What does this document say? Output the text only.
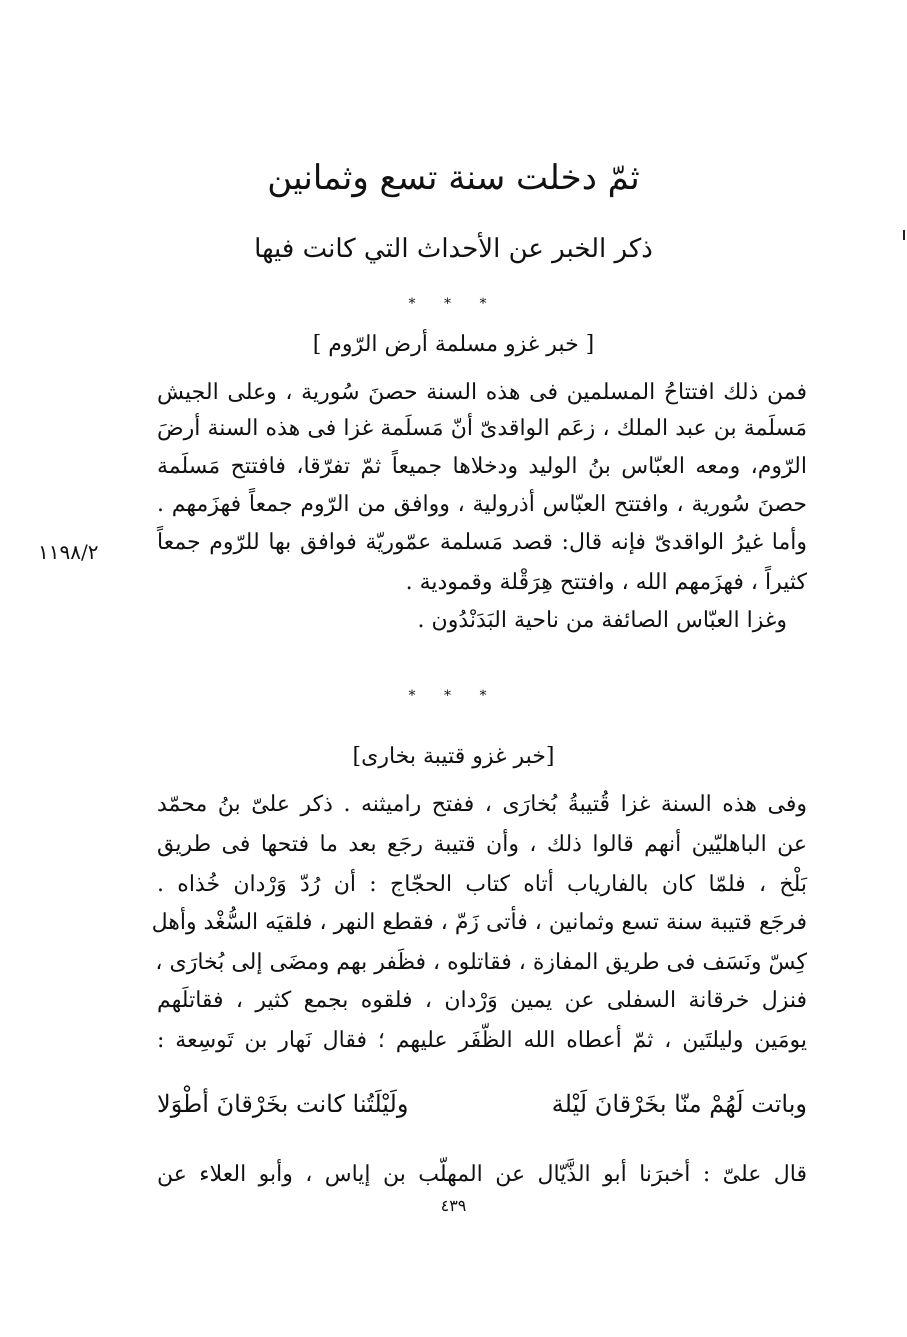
ثمّ دخلت سنة تسع وثمانين
ذكر الخبر عن الأحداث التي كانت فيها
* * *
[ خبر غزو مسلمة أرض الرّوم ]
فمن ذلك افتتاحُ المسلمين فى هذه السنة حصنَ سُورية ، وعلى الجيش
مَسلَمة بن عبد الملك ، زعَم الواقدىّ أنّ مَسلَمة غزا فى هذه السنة أرضَ
الرّوم، ومعه العبّاس بنُ الوليد ودخلاها جميعاً ثمّ تفرّقا، فافتتح مَسلَمة
حصنَ سُورية ، وافتتح العبّاس أذرولية ، ووافق من الرّوم جمعاً فهزَمهم .
وأما غيرُ الواقدىّ فإنه قال: قصد مَسلمة عمّوريّة فوافق بها للرّوم جمعاً
كثيراً ، فهزَمهم الله ، وافتتح هِرَقْلة وقمودية .
وغزا العبّاس الصائفة من ناحية البَدَنْدُون .
١١٩٨/٢
* * *
[خبر غزو قتيبة بخارى]
وفى هذه السنة غزا قُتيبةُ بُخارَى ، ففتح راميثنه . ذكر علىّ بنُ محمّد
عن الباهليّين أنهم قالوا ذلك ، وأن قتيبة رجَع بعد ما فتحها فى طريق
بَلْخ ، فلمّا كان بالفارياب أتاه كتاب الحجّاج : أن رُدّ وَرْدان خُذاه .
فرجَع قتيبة سنة تسع وثمانين ، فأتى زَمّ ، فقطع النهر ، فلقيَه السُّغْد وأهل
كِسّ ونَسَف فى طريق المفازة ، فقاتلوه ، فظَفر بهم ومضَى إلى بُخارَى ،
فنزل خرقانة السفلى عن يمين وَرْدان ، فلقوه بجمع كثير ، فقاتلَهم
يومَين وليلتَين ، ثمّ أعطاه الله الظّفَر عليهم ؛ فقال نَهار بن تَوسِعة :
وباتت لَهُمْ منّا بخَرْقانَ لَيْلة
ولَيْلَتُنا كانت بخَرْقانَ أطْوَلا
قال علىّ : أخبرَنا أبو الذَّيّال عن المهلّب بن إياس ، وأبو العلاء عن
٤٣٩
